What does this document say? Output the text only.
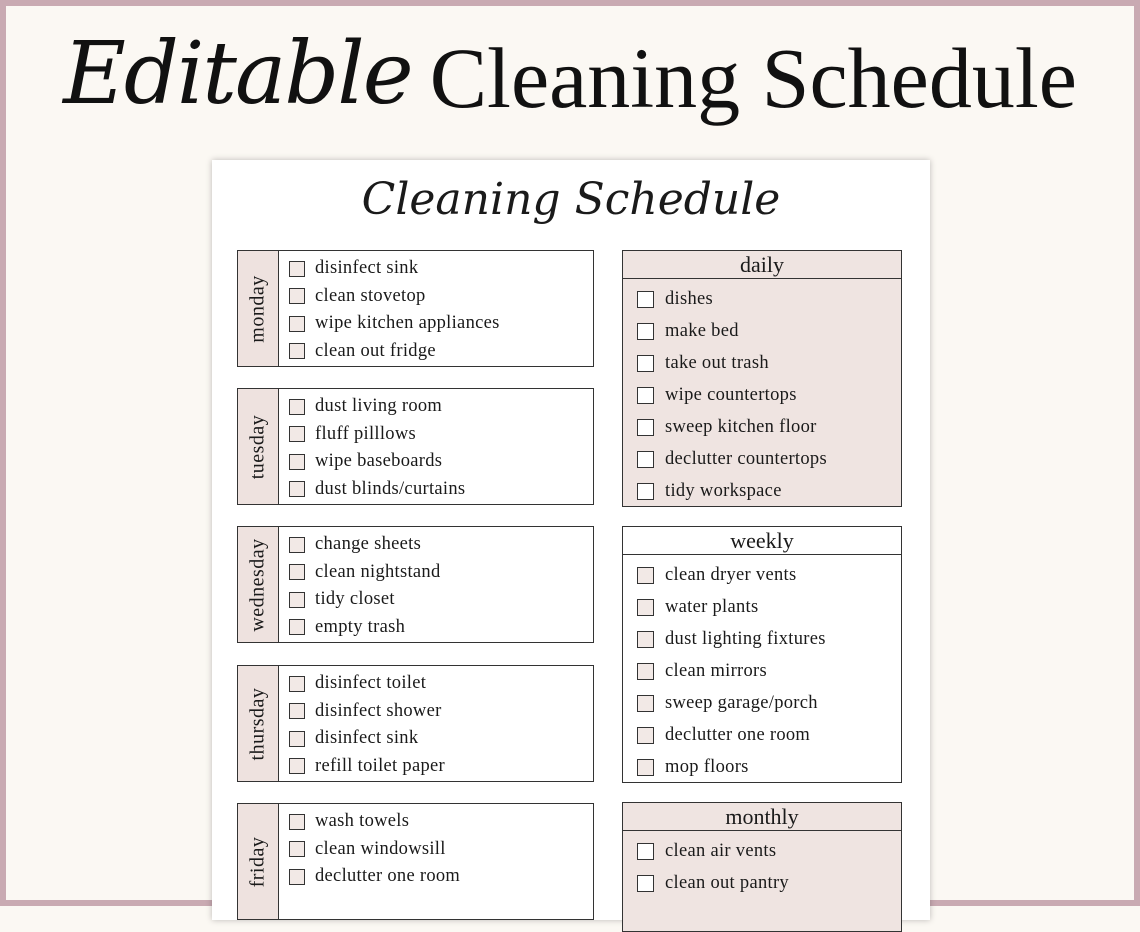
Editable Cleaning Schedule
Cleaning Schedule
monday
disinfect sink
clean stovetop
wipe kitchen appliances
clean out fridge
tuesday
dust living room
fluff pilllows
wipe baseboards
dust blinds/curtains
wednesday	change sheets
clean nightstand
tidy closet
empty trash
thursday
disinfect toilet
disinfect shower
disinfect sink
refill toilet paper
friday
wash towels
clean windowsill
declutter one room
daily
dishes
make bed
take out trash
wipe countertops
sweep kitchen floor
declutter countertops
tidy workspace
weekly
clean dryer vents
water plants
dust lighting fixtures
clean mirrors
sweep garage/porch
declutter one room
mop floors
monthly
clean air vents
clean out pantry
